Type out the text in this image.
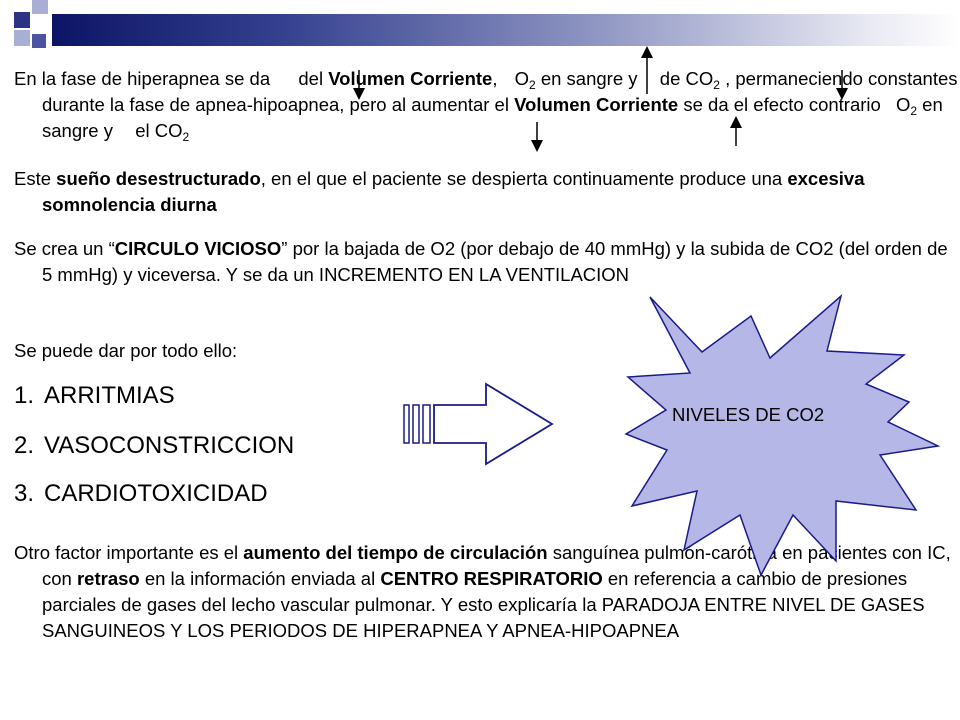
En la fase de hiperapnea se da  del Volumen Corriente, $O_2$ en sangre y  de $CO_2$ , permaneciendo constantes durante la fase de apnea-hipoapnea, pero al aumentar el Volumen Corriente se da el efecto contrario $O_2$ en sangre y  el $CO_2$
Este sueño desestructurado, en el que el paciente se despierta continuamente produce una excesiva somnolencia diurna
Se crea un “CIRCULO VICIOSO” por la bajada de O2 (por debajo de 40 mmHg) y la subida de CO2 (del orden de 5 mmHg) y viceversa. Y se da un INCREMENTO EN LA VENTILACION
Se puede dar por todo ello:
1. ARRITMIAS
2. VASOCONSTRICCION
3. CARDIOTOXICIDAD
Otro factor importante es el aumento del tiempo de circulación sanguínea pulmón-carótida en pacientes con IC, con retraso en la información enviada al CENTRO RESPIRATORIO en referencia a cambio de presiones parciales de gases del lecho vascular pulmonar. Y esto explicaría la PARADOJA ENTRE NIVEL DE GASES SANGUINEOS Y LOS PERIODOS DE HIPERAPNEA Y APNEA-HIPOAPNEA
NIVELES DE CO2
